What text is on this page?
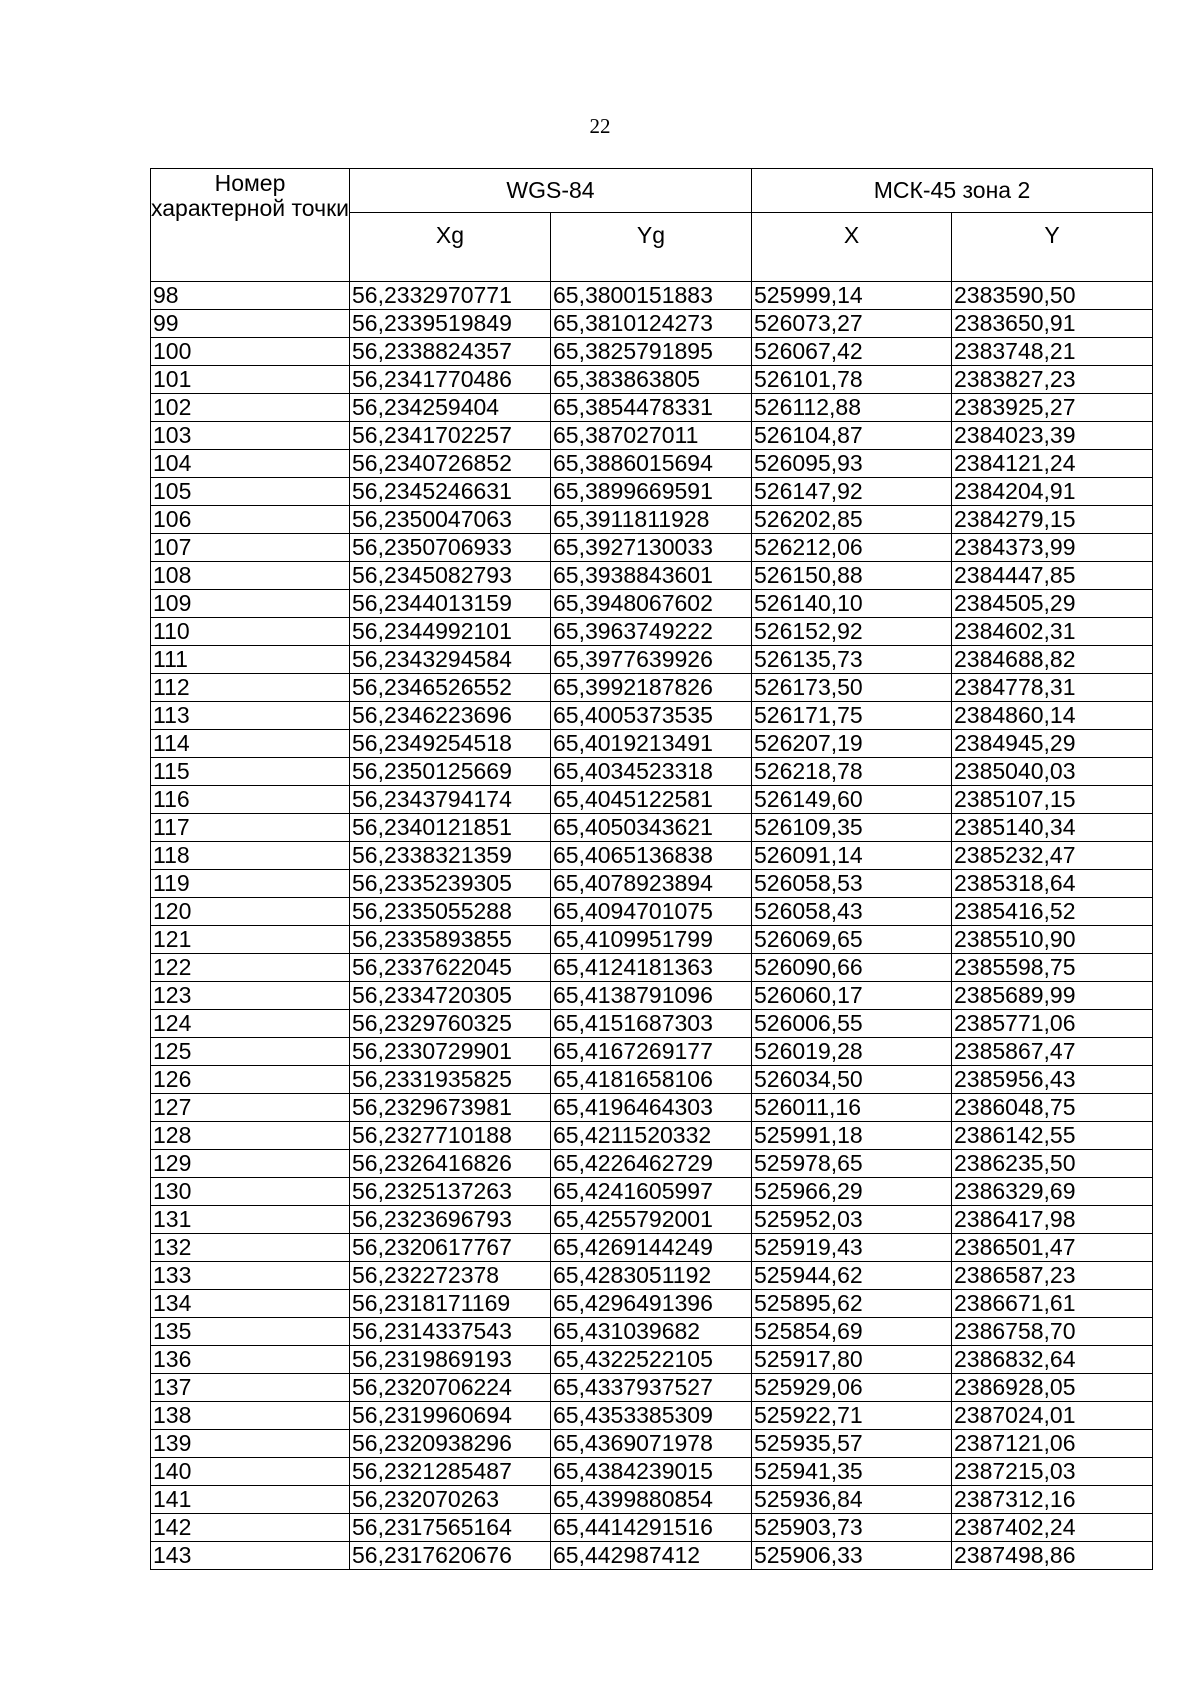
22
Номер характерной точки	WGS-84		МСК-45 зона 2	
	Xg	Yg	X	Y
98	56,2332970771	65,3800151883	525999,14	2383590,50
99	56,2339519849	65,3810124273	526073,27	2383650,91
100	56,2338824357	65,3825791895	526067,42	2383748,21
101	56,2341770486	65,383863805	526101,78	2383827,23
102	56,234259404	65,3854478331	526112,88	2383925,27
103	56,2341702257	65,387027011	526104,87	2384023,39
104	56,2340726852	65,3886015694	526095,93	2384121,24
105	56,2345246631	65,3899669591	526147,92	2384204,91
106	56,2350047063	65,3911811928	526202,85	2384279,15
107	56,2350706933	65,3927130033	526212,06	2384373,99
108	56,2345082793	65,3938843601	526150,88	2384447,85
109	56,2344013159	65,3948067602	526140,10	2384505,29
110	56,2344992101	65,3963749222	526152,92	2384602,31
111	56,2343294584	65,3977639926	526135,73	2384688,82
112	56,2346526552	65,3992187826	526173,50	2384778,31
113	56,2346223696	65,4005373535	526171,75	2384860,14
114	56,2349254518	65,4019213491	526207,19	2384945,29
115	56,2350125669	65,4034523318	526218,78	2385040,03
116	56,2343794174	65,4045122581	526149,60	2385107,15
117	56,2340121851	65,4050343621	526109,35	2385140,34
118	56,2338321359	65,4065136838	526091,14	2385232,47
119	56,2335239305	65,4078923894	526058,53	2385318,64
120	56,2335055288	65,4094701075	526058,43	2385416,52
121	56,2335893855	65,4109951799	526069,65	2385510,90
122	56,2337622045	65,4124181363	526090,66	2385598,75
123	56,2334720305	65,4138791096	526060,17	2385689,99
124	56,2329760325	65,4151687303	526006,55	2385771,06
125	56,2330729901	65,4167269177	526019,28	2385867,47
126	56,2331935825	65,4181658106	526034,50	2385956,43
127	56,2329673981	65,4196464303	526011,16	2386048,75
128	56,2327710188	65,4211520332	525991,18	2386142,55
129	56,2326416826	65,4226462729	525978,65	2386235,50
130	56,2325137263	65,4241605997	525966,29	2386329,69
131	56,2323696793	65,4255792001	525952,03	2386417,98
132	56,2320617767	65,4269144249	525919,43	2386501,47
133	56,232272378	65,4283051192	525944,62	2386587,23
134	56,2318171169	65,4296491396	525895,62	2386671,61
135	56,2314337543	65,431039682	525854,69	2386758,70
136	56,2319869193	65,4322522105	525917,80	2386832,64
137	56,2320706224	65,4337937527	525929,06	2386928,05
138	56,2319960694	65,4353385309	525922,71	2387024,01
139	56,2320938296	65,4369071978	525935,57	2387121,06
140	56,2321285487	65,4384239015	525941,35	2387215,03
141	56,232070263	65,4399880854	525936,84	2387312,16
142	56,2317565164	65,4414291516	525903,73	2387402,24
143	56,2317620676	65,442987412	525906,33	2387498,86
